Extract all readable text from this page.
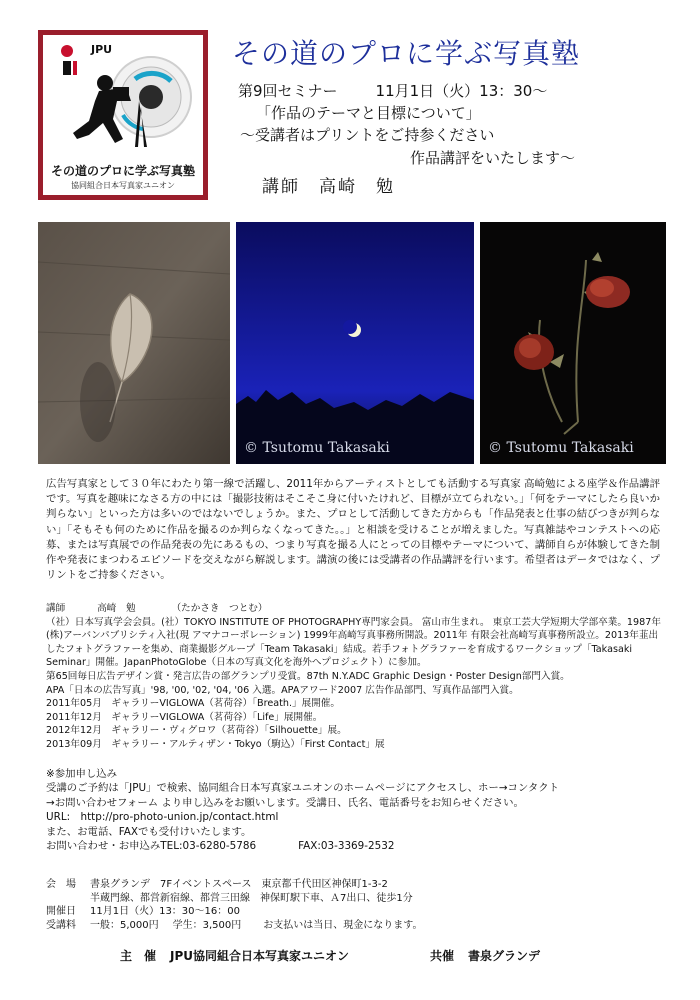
JPU
その道のプロに学ぶ写真塾
協同組合日本写真家ユニオン
その道のプロに学ぶ写真塾
第9回セミナー	11月1日（火）13：30～
「作品のテーマと目標について」
～受講者はプリントをご持参ください
作品講評をいたします～
講師　高崎　勉
© Tsutomu Takasaki	© Tsutomu Takasaki
広告写真家として３０年にわたり第一線で活躍し、2011年からアーティストとしても活動する写真家 高崎勉による座学＆作品講評です。写真を趣味になさる方の中には「撮影技術はそこそこ身に付いたけれど、目標が立てられない。」「何をテーマにしたら良いか判らない」といった方は多いのではないでしょうか。また、プロとして活動してきた方からも「作品発表と仕事の結びつきが判らない」「そもそも何のために作品を撮るのか判らなくなってきた。。」と相談を受けることが増えました。写真雑誌やコンテストへの応募、または写真展での作品発表の先にあるもの、つまり写真を撮る人にとっての目標やテーマについて、講師自らが体験してきた制作や発表にまつわるエピソードを交えながら解説します。講演の後には受講者の作品講評を行います。希望者はデータではなく、プリントをご持参ください。
講師	高崎　勉	（たかさき　つとむ）
（社）日本写真学会会員。(社）TOKYO INSTITUTE OF PHOTOGRAPHY専門家会員。 富山市生まれ。 東京工芸大学短期大学部卒業。1987年(株)アーバンパブリシティ入社(現 アマナコーポレーション) 1999年高崎写真事務所開設。2011年 有限会社高崎写真事務所設立。2013年韮出したフォトグラファーを集め、商業撮影グループ「Team Takasaki」結成。若手フォトグラファーを育成するワークショップ「Takasaki Seminar」開催。JapanPhotoGlobe（日本の写真文化を海外へプロジェクト）に参加。
第65回毎日広告デザイン賞・発言広告の部グランプリ受賞。87th N.Y.ADC Graphic Design・Poster Design部門入賞。
APA「日本の広告写真」'98, '00, '02, '04, '06 入選。APAアワード2007 広告作品部門、写真作品部門入賞。
2011年05月　ギャラリーVIGLOWA（茗荷谷）「Breath.」展開催。
2011年12月　ギャラリーVIGLOWA（茗荷谷）「Life」展開催。
2012年12月　ギャラリー・ヴィグロワ（茗荷谷）「Silhouette」展。
2013年09月　ギャラリー・アルティザン・Tokyo（駒込）「First Contact」展
※参加申し込み
受講のご予約は「JPU」で検索、協同組合日本写真家ユニオンのホームページにアクセスし、ホー→コンタクト
→お問い合わせフォーム より申し込みをお願いします。受講日、氏名、電話番号をお知らせください。
URL:　http://pro-photo-union.jp/contact.html
また、お電話、FAXでも受付けいたします。
お問い合わせ・お申込みTEL:03-6280-5786	FAX:03-3369-2532
会　場	書泉グランデ　7Fイベントスペース　東京都千代田区神保町1-3-2
半蔵門線、都営新宿線、都営三田線　神保町駅下車、Ａ7出口、徒歩1分
開催日	11月1日（火）13：30～16：00
受講料	一般：5,000円 学生：3,500円 お支払いは当日、現金になります。
主　催 JPU協同組合日本写真家ユニオン	共催 書泉グランデ
